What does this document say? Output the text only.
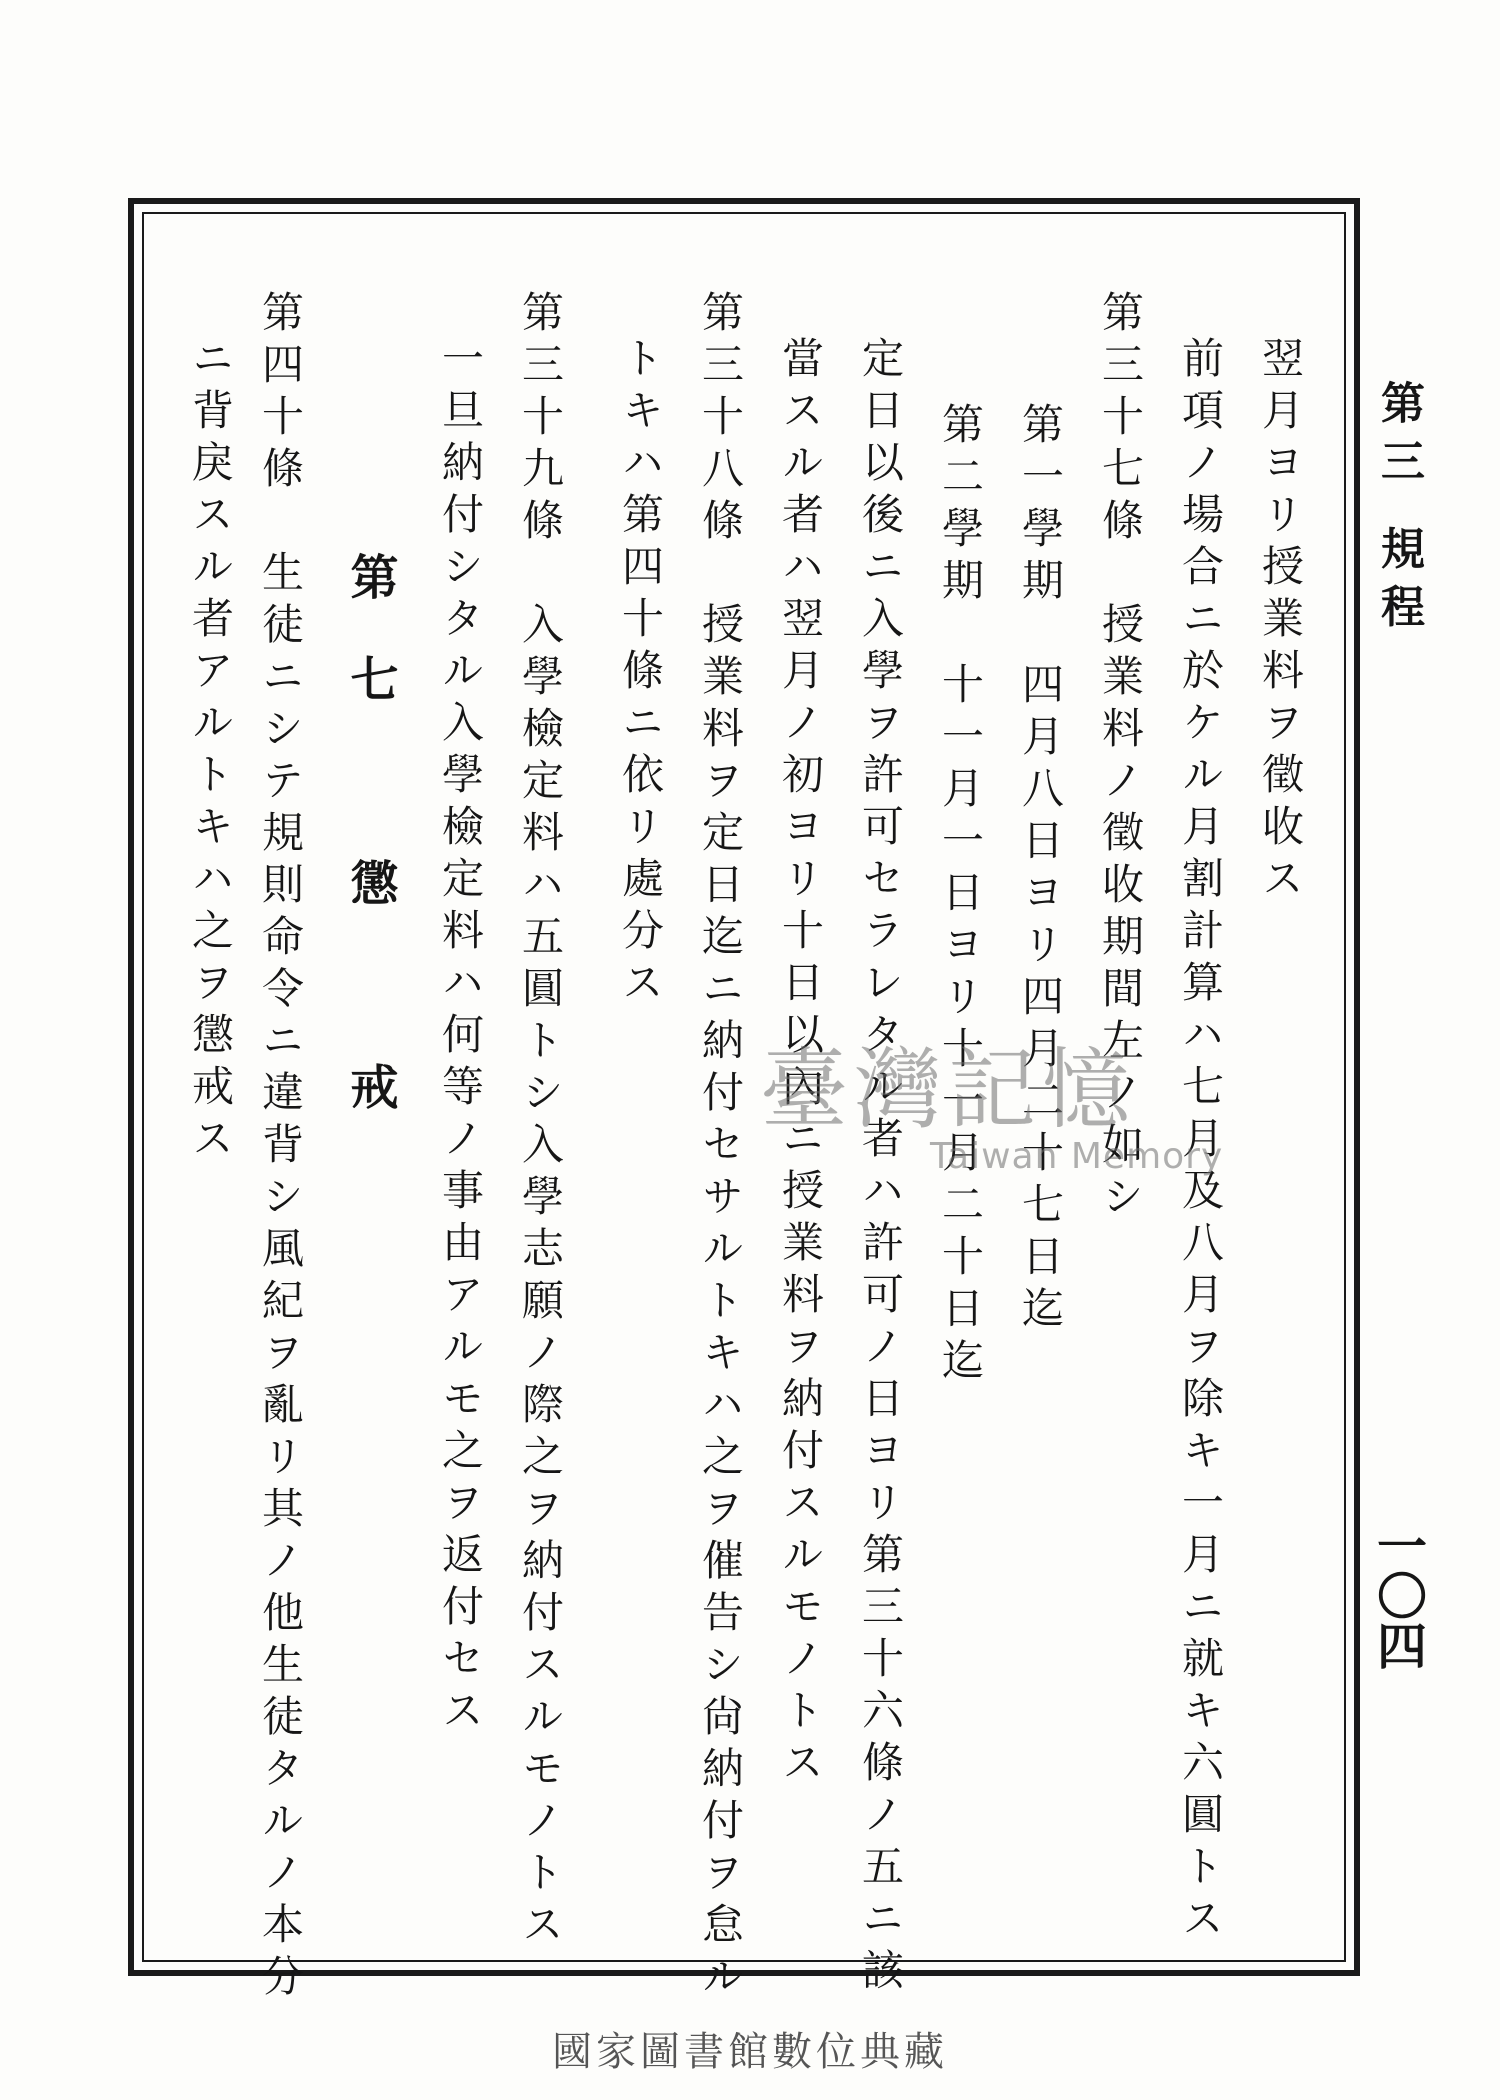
第三 規程
一〇四
翌月ヨリ授業料ヲ徵收ス
前項ノ場合ニ於ケル月割計算ハ七月及八月ヲ除キ一月ニ就キ六圓トス
第三十七條　授業料ノ徵收期間左ノ如シ
第一學期　四月八日ヨリ四月二十七日迄
第二學期　十一月一日ヨリ十一月二十日迄
定日以後ニ入學ヲ許可セラレタル者ハ許可ノ日ヨリ第三十六條ノ五ニ該
當スル者ハ翌月ノ初ヨリ十日以內ニ授業料ヲ納付スルモノトス
第三十八條　授業料ヲ定日迄ニ納付セサルトキハ之ヲ催告シ尙納付ヲ怠ル
トキハ第四十條ニ依リ處分ス
第三十九條　入學檢定料ハ五圓トシ入學志願ノ際之ヲ納付スルモノトス
一旦納付シタル入學檢定料ハ何等ノ事由アルモ之ヲ返付セス
第七　懲　戒
第四十條　生徒ニシテ規則命令ニ違背シ風紀ヲ亂リ其ノ他生徒タルノ本分
ニ背戾スル者アルトキハ之ヲ懲戒ス	臺灣記憶
Taiwan Memory
國家圖書館數位典藏
